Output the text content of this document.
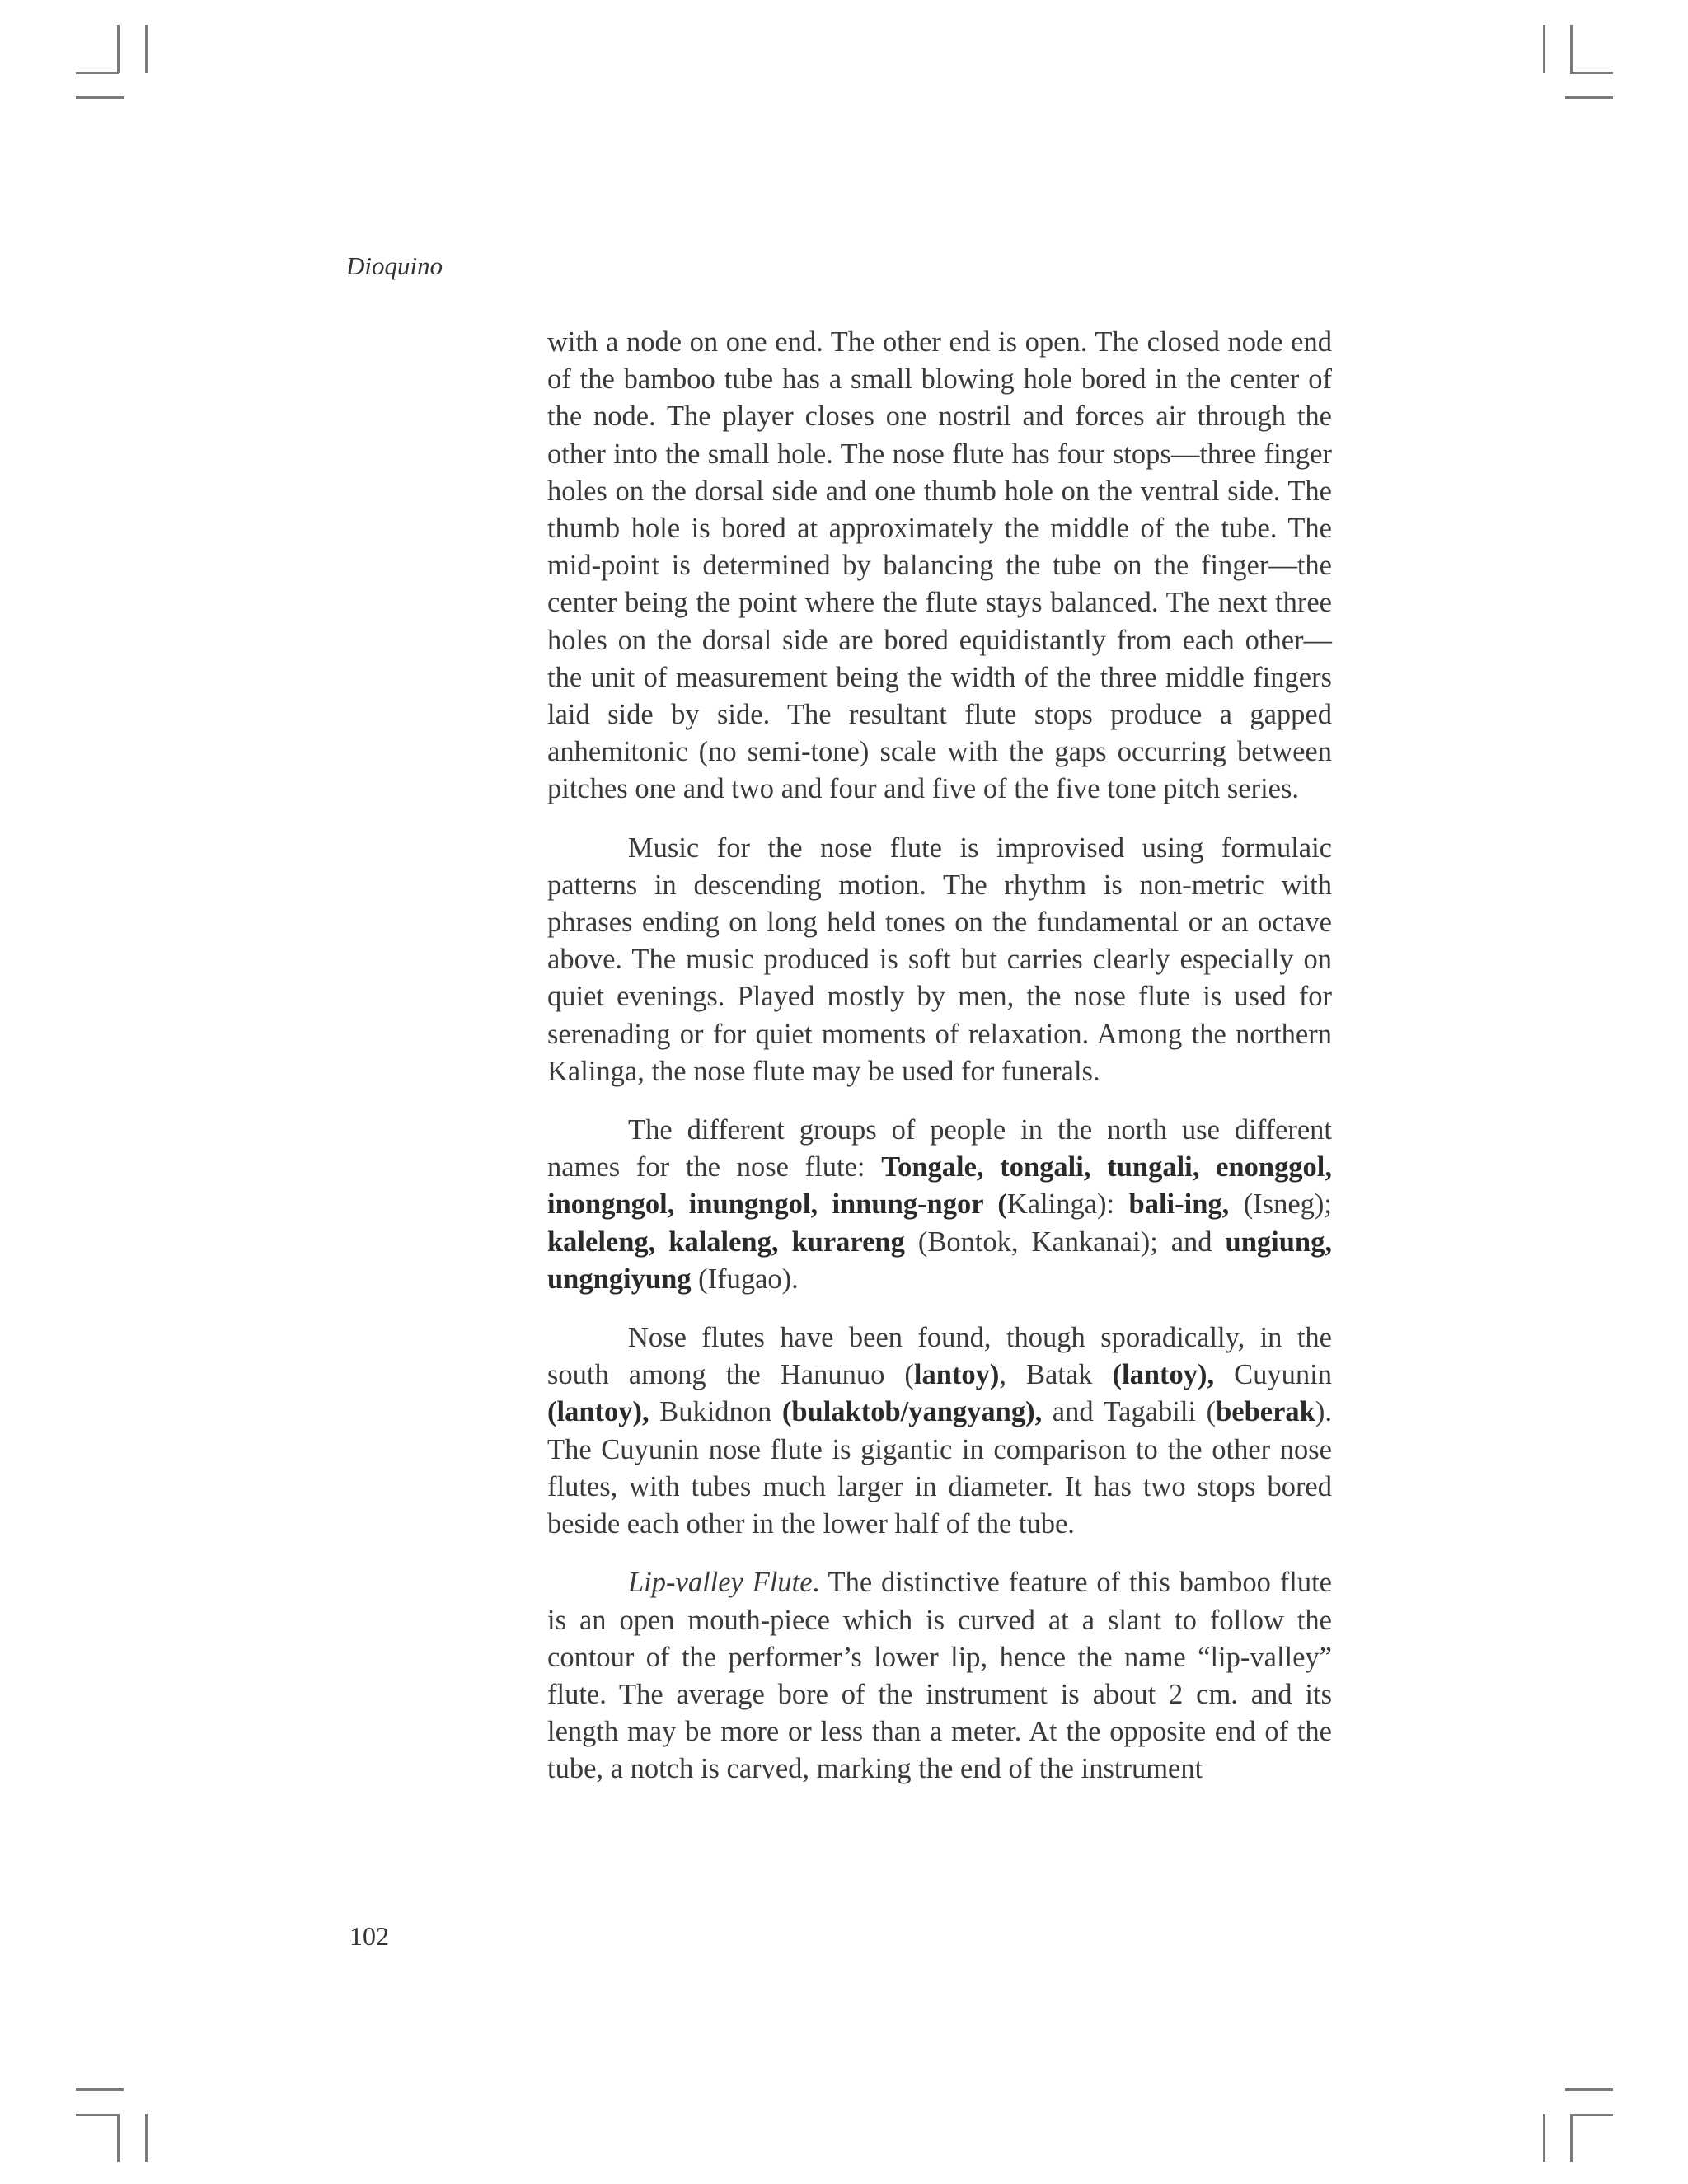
Dioquino

with a node on one end. The other end is open. The closed node end of the bamboo tube has a small blowing hole bored in the center of the node. The player closes one nostril and forces air through the other into the small hole. The nose flute has four stops—three finger holes on the dorsal side and one thumb hole on the ventral side. The thumb hole is bored at approximately the middle of the tube. The mid-point is determined by balancing the tube on the finger—the center being the point where the flute stays balanced. The next three holes on the dorsal side are bored equidistantly from each other—the unit of measurement being the width of the three middle fingers laid side by side. The resultant flute stops produce a gapped anhemitonic (no semi-tone) scale with the gaps occurring between pitches one and two and four and five of the five tone pitch series.

Music for the nose flute is improvised using formulaic patterns in descending motion. The rhythm is non-metric with phrases ending on long held tones on the fundamental or an octave above. The music produced is soft but carries clearly especially on quiet evenings. Played mostly by men, the nose flute is used for serenading or for quiet moments of relaxation. Among the northern Kalinga, the nose flute may be used for funerals.

The different groups of people in the north use different names for the nose flute: Tongale, tongali, tungali, enonggol, inongngol, inungngol, innung-ngor (Kalinga): bali-ing, (Isneg); kaleleng, kalaleng, kurareng (Bontok, Kankanai); and ungiung, ungngiyung (Ifugao).

Nose flutes have been found, though sporadically, in the south among the Hanunuo (lantoy), Batak (lantoy), Cuyunin (lantoy), Bukidnon (bulaktob/yangyang), and Tagabili (beberak). The Cuyunin nose flute is gigantic in comparison to the other nose flutes, with tubes much larger in diameter. It has two stops bored beside each other in the lower half of the tube.

Lip-valley Flute. The distinctive feature of this bamboo flute is an open mouth-piece which is curved at a slant to follow the contour of the performer’s lower lip, hence the name “lip-valley” flute. The average bore of the instrument is about 2 cm. and its length may be more or less than a meter. At the opposite end of the tube, a notch is carved, marking the end of the instrument

102
